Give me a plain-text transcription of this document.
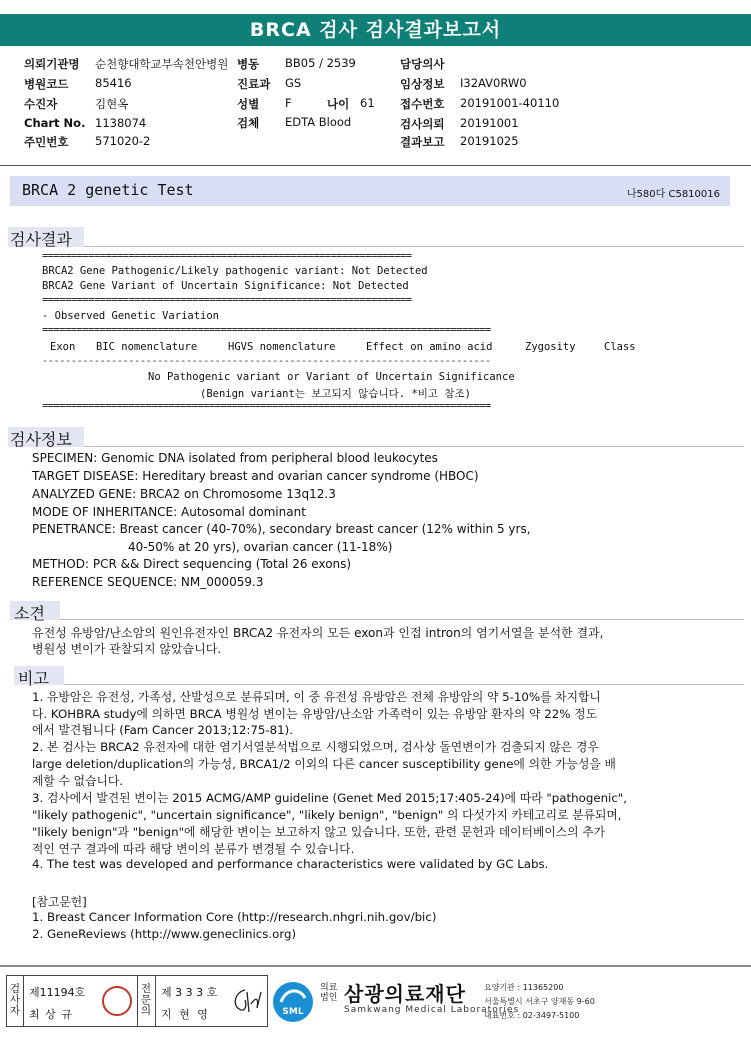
BRCA 검사 검사결과보고서
의뢰기관명 순천향대학교부속천안병원
병원코드 85416
수진자	김현옥
Chart No. 1138074
주민번호 571020-2
병동 BB05 / 2539
진료과 GS
성별 F	나이 61
검체 EDTA Blood
담당의사
임상정보 I32AV0RW0
접수번호 20191001-40110
검사의뢰 20191001
결과보고 20191025
BRCA 2 genetic Test	나580다 C5810016
검사결과
================================================================
BRCA2 Gene Pathogenic/Likely pathogenic variant: Not Detected
BRCA2 Gene Variant of Uncertain Significance: Not Detected
================================================================
- Observed Genetic Variation
==============================================================================
Exon BIC nomenclature	HGVS nomenclature	Effect on amino acid	Zygosity	Class
------------------------------------------------------------------------------
No Pathogenic variant or Variant of Uncertain Significance
(Benign variant는 보고되지 않습니다. *비고 참조)
==============================================================================
검사정보
SPECIMEN: Genomic DNA isolated from peripheral blood leukocytes
TARGET DISEASE: Hereditary breast and ovarian cancer syndrome (HBOC)
ANALYZED GENE: BRCA2 on Chromosome 13q12.3
MODE OF INHERITANCE: Autosomal dominant
PENETRANCE: Breast cancer (40-70%), secondary breast cancer (12% within 5 yrs,
40-50% at 20 yrs), ovarian cancer (11-18%)
METHOD: PCR && Direct sequencing (Total 26 exons)
REFERENCE SEQUENCE: NM_000059.3
소견
유전성 유방암/난소암의 원인유전자인 BRCA2 유전자의 모든 exon과 인접 intron의 염기서열을 분석한 결과,
병원성 변이가 관찰되지 않았습니다.
비고
1. 유방암은 유전성, 가족성, 산발성으로 분류되며, 이 중 유전성 유방암은 전체 유방암의 약 5-10%를 차지합니
다. KOHBRA study에 의하면 BRCA 병원성 변이는 유방암/난소암 가족력이 있는 유방암 환자의 약 22% 정도
에서 발견됩니다 (Fam Cancer 2013;12:75-81).
2. 본 검사는 BRCA2 유전자에 대한 염기서열분석법으로 시행되었으며, 검사상 돌연변이가 검출되지 않은 경우
large deletion/duplication의 가능성, BRCA1/2 이외의 다른 cancer susceptibility gene에 의한 가능성을 배
제할 수 없습니다.
3. 검사에서 발견된 변이는 2015 ACMG/AMP guideline (Genet Med 2015;17:405-24)에 따라 "pathogenic",
"likely pathogenic", "uncertain significance", "likely benign", "benign" 의 다섯가지 카테고리로 분류되며,
"likely benign"과 "benign"에 해당한 변이는 보고하지 않고 있습니다. 또한, 관련 문헌과 데이터베이스의 추가
적인 연구 결과에 따라 해당 변이의 분류가 변경될 수 있습니다.
4. The test was developed and performance characteristics were validated by GC Labs.
[참고문헌]
1. Breast Cancer Information Core (http://research.nhgri.nih.gov/bic)
2. GeneReviews (http://www.geneclinics.org)
검사자
제11194호
최 상 규
전문의
제 3 3 3 호
지 현 영	SML
의료 법인 삼광의료재단
Samkwang Medical Laboratories
요양기관 : 11365200
서울특별시 서초구 양재동 9-60
대표번호 : 02-3497-5100
